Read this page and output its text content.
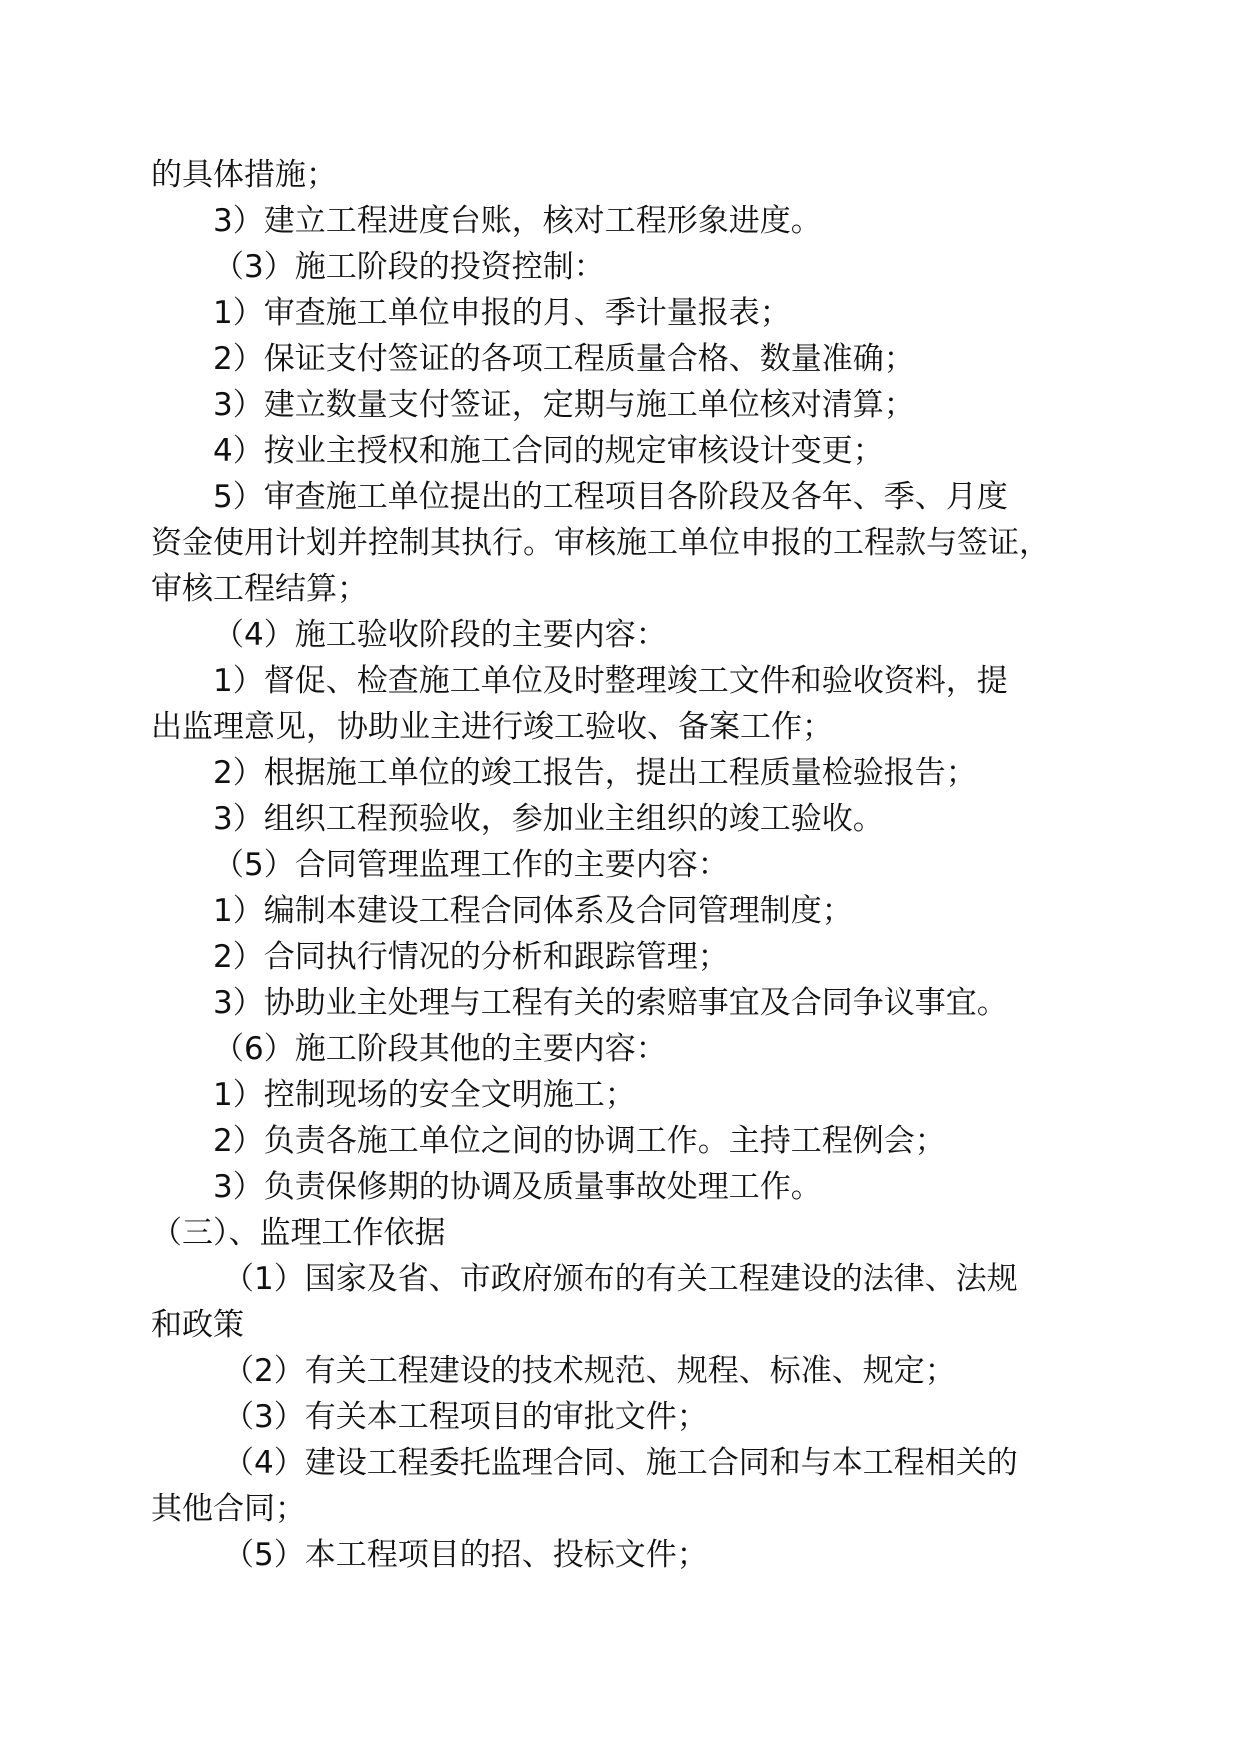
的具体措施；

3）建立工程进度台账，核对工程形象进度。

（3）施工阶段的投资控制：

1）审查施工单位申报的月、季计量报表；

2）保证支付签证的各项工程质量合格、数量准确；

3）建立数量支付签证，定期与施工单位核对清算；

4）按业主授权和施工合同的规定审核设计变更；

5）审查施工单位提出的工程项目各阶段及各年、季、月度

资金使用计划并控制其执行。审核施工单位申报的工程款与签证，

审核工程结算；

（4）施工验收阶段的主要内容：

1）督促、检查施工单位及时整理竣工文件和验收资料，提

出监理意见，协助业主进行竣工验收、备案工作；

2）根据施工单位的竣工报告，提出工程质量检验报告；

3）组织工程预验收，参加业主组织的竣工验收。

（5）合同管理监理工作的主要内容：

1）编制本建设工程合同体系及合同管理制度；

2）合同执行情况的分析和跟踪管理；

3）协助业主处理与工程有关的索赔事宜及合同争议事宜。

（6）施工阶段其他的主要内容：

1）控制现场的安全文明施工；

2）负责各施工单位之间的协调工作。主持工程例会；

3）负责保修期的协调及质量事故处理工作。

（三）、监理工作依据

（1）国家及省、市政府颁布的有关工程建设的法律、法规

和政策

（2）有关工程建设的技术规范、规程、标准、规定；

（3）有关本工程项目的审批文件；

（4）建设工程委托监理合同、施工合同和与本工程相关的

其他合同；

（5）本工程项目的招、投标文件；
